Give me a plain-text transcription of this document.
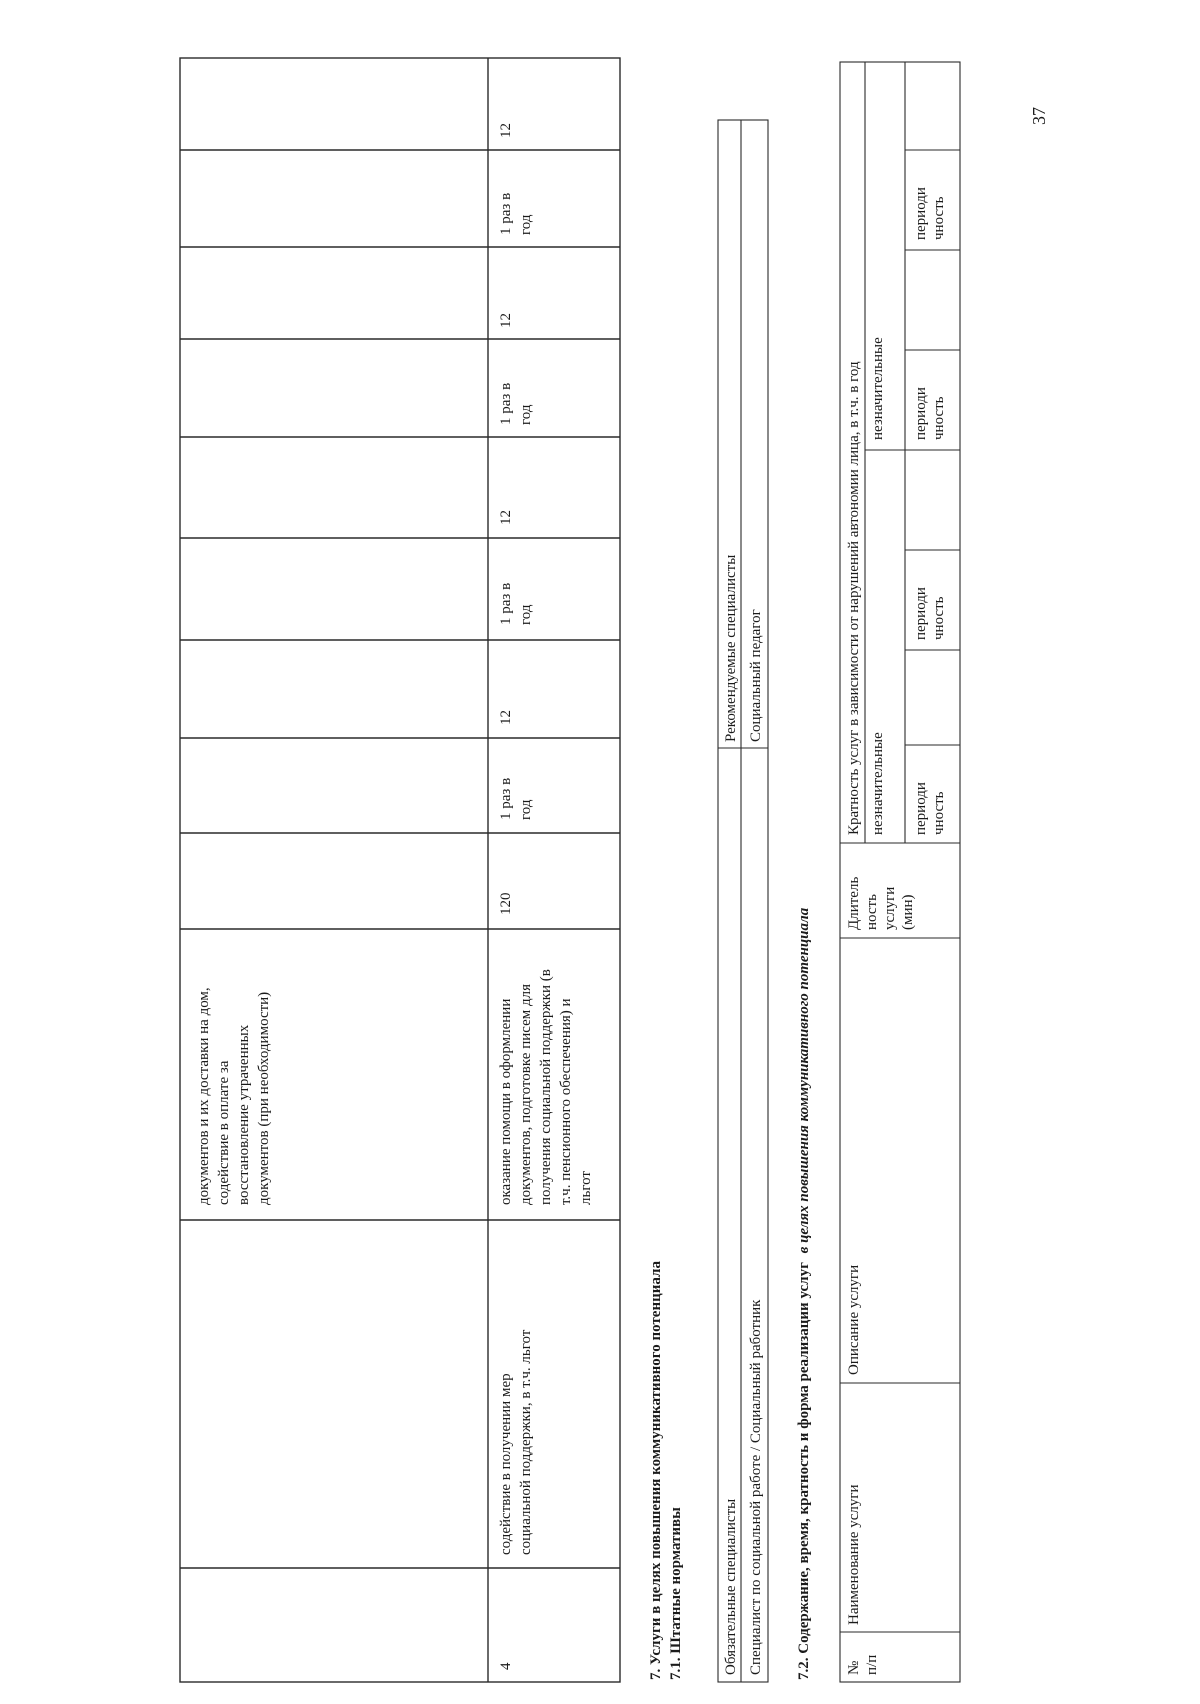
37
документов и их доставки на дом, содействие в оплате за восстановление утраченных документов (при необходимости)
4
содействие в получении мер социальной поддержки, в т.ч. льгот
оказание помощи в оформлении документов, подготовке писем для получения социальной поддержки (в т.ч. пенсионного обеспечения) и льгот
120
1 раз в год
12
1 раз в год
12
1 раз в год
12
1 раз в год
12
7. Услуги в целях повышения коммуникативного потенциала 7.1. Штатные нормативы	Обязательные специалисты
Рекомендуемые специалисты
Специалист по социальной работе / Социальный работник
Социальный педагог
7.2. Содержание, время, кратность и форма реализации услуг в целях повышения коммуникативного потенциала
№ п/п
Наименование услуги
Описание услуги
Длитель ность услуги (мин)
Кратность услуг в зависимости от нарушений автономии лица, в т.ч. в год незначительные
незначительные
периоди чность
периоди чность
периоди чность
периоди чность
